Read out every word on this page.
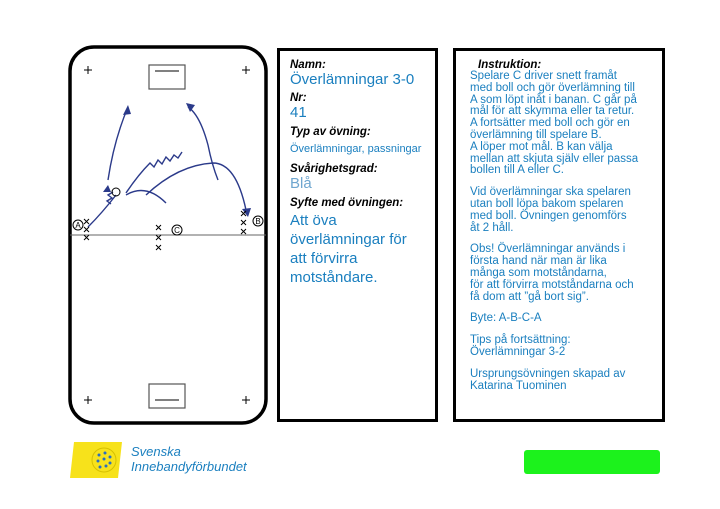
A
C
B
Namn:
Överlämningar 3-0
Nr:
41
Typ av övning:
Överlämningar, passningar
Svårighetsgrad:
Blå
Syfte med övningen:
Att öva
överlämningar för
att förvirra
motståndare.
Instruktion:
Spelare C driver snett framåt
med boll och gör överlämning till
A som löpt inåt i banan. C går på
mål för att skymma eller ta retur.
A fortsätter med boll och gör en
överlämning till spelare B.
A löper mot mål. B kan välja
mellan att skjuta själv eller passa
bollen till A eller C.
Vid överlämningar ska spelaren
utan boll löpa bakom spelaren
med boll. Övningen genomförs
åt 2 håll.
Obs! Överlämningar används i
första hand när man är lika
många som motståndarna,
för att förvirra motståndarna och
få dom att ”gå bort sig”.
Byte: A-B-C-A
Tips på fortsättning:
Överlämningar 3-2
Ursprungsövningen skapad av
Katarina Tuominen
Svenska
Innebandyförbundet
